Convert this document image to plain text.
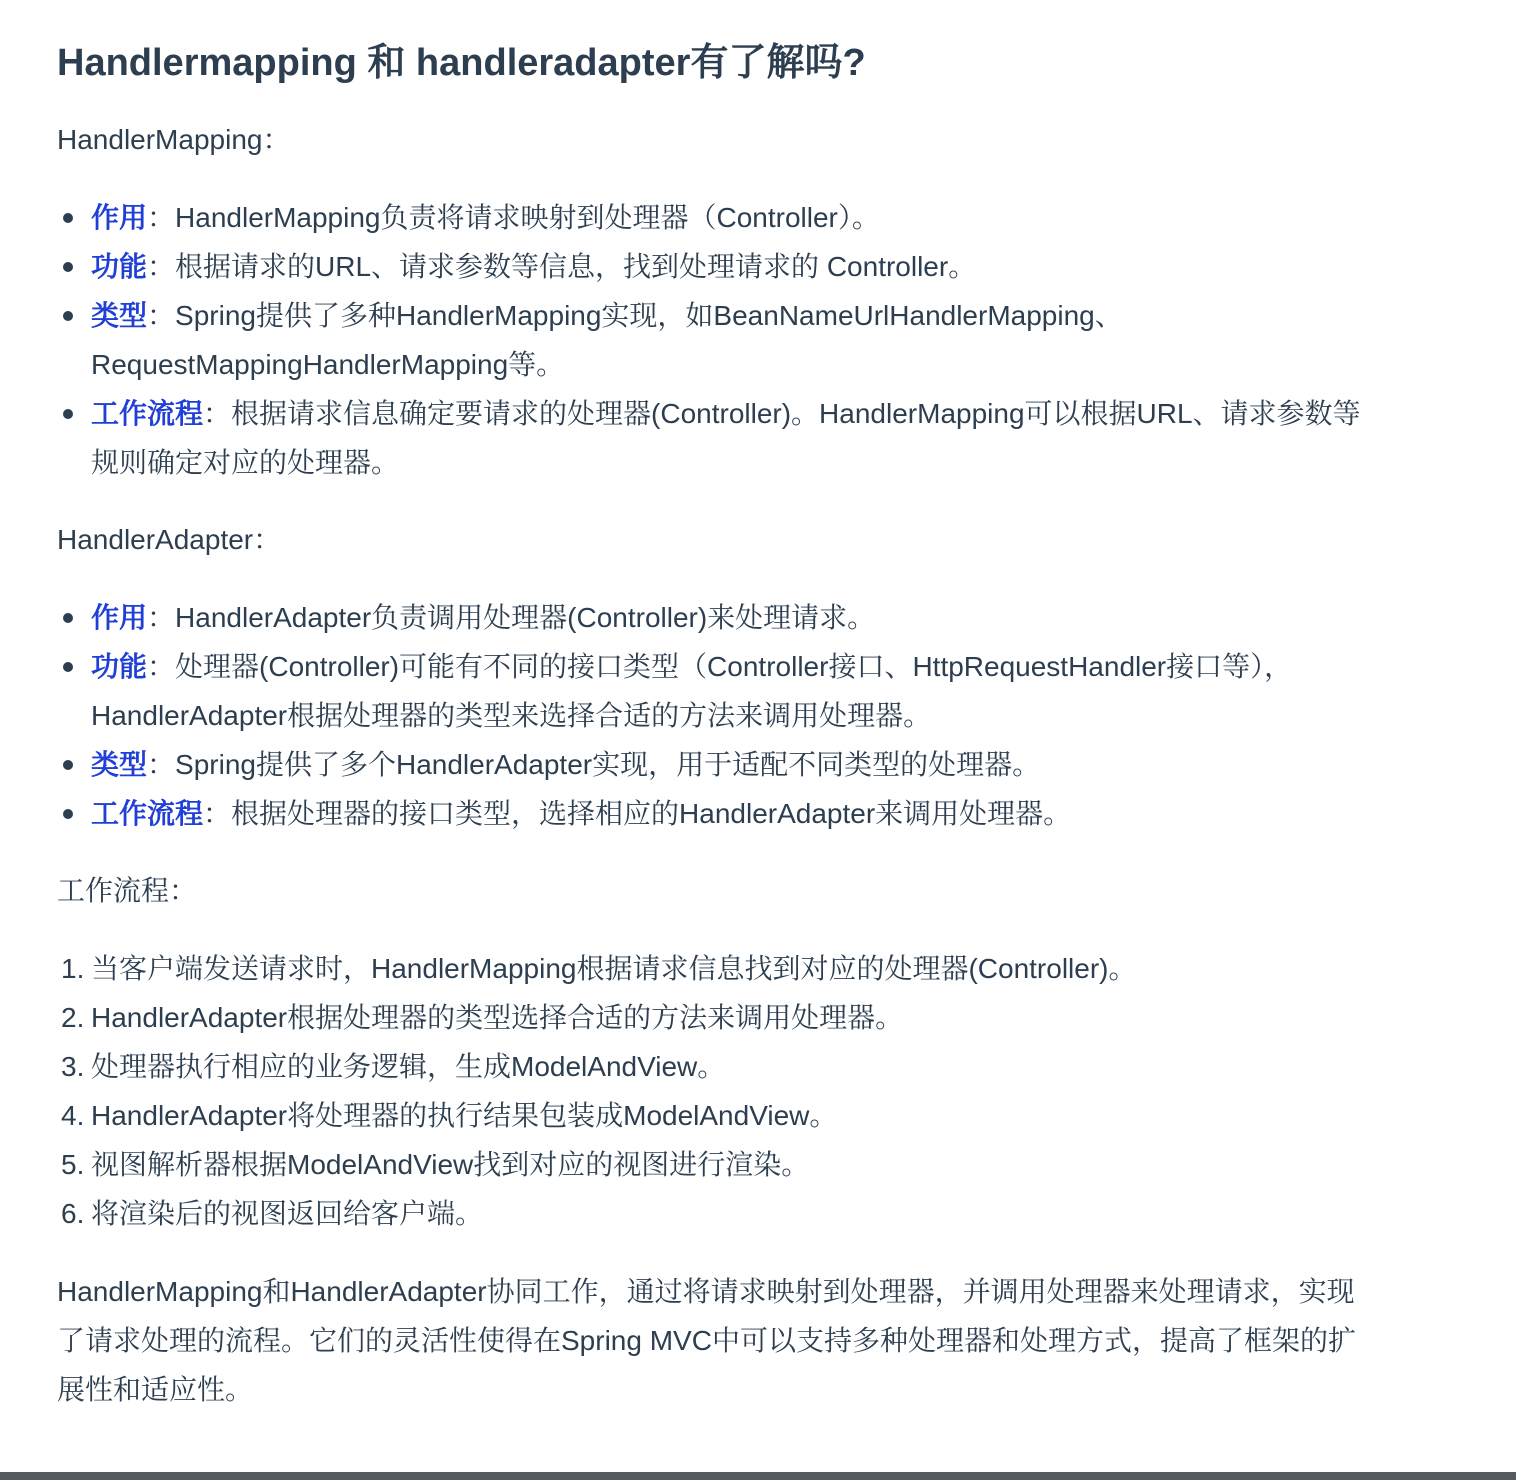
Handlermapping 和 handleradapter有了解吗?

HandlerMapping：

作用：HandlerMapping负责将请求映射到处理器（Controller）。
功能：根据请求的URL、请求参数等信息，找到处理请求的 Controller。
类型：Spring提供了多种HandlerMapping实现，如BeanNameUrlHandlerMapping、RequestMappingHandlerMapping等。
工作流程：根据请求信息确定要请求的处理器(Controller)。HandlerMapping可以根据URL、请求参数等规则确定对应的处理器。

HandlerAdapter：

作用：HandlerAdapter负责调用处理器(Controller)来处理请求。
功能：处理器(Controller)可能有不同的接口类型（Controller接口、HttpRequestHandler接口等），HandlerAdapter根据处理器的类型来选择合适的方法来调用处理器。
类型：Spring提供了多个HandlerAdapter实现，用于适配不同类型的处理器。
工作流程：根据处理器的接口类型，选择相应的HandlerAdapter来调用处理器。

工作流程：

1. 当客户端发送请求时，HandlerMapping根据请求信息找到对应的处理器(Controller)。
2. HandlerAdapter根据处理器的类型选择合适的方法来调用处理器。
3. 处理器执行相应的业务逻辑，生成ModelAndView。
4. HandlerAdapter将处理器的执行结果包装成ModelAndView。
5. 视图解析器根据ModelAndView找到对应的视图进行渲染。
6. 将渲染后的视图返回给客户端。

HandlerMapping和HandlerAdapter协同工作，通过将请求映射到处理器，并调用处理器来处理请求，实现了请求处理的流程。它们的灵活性使得在Spring MVC中可以支持多种处理器和处理方式，提高了框架的扩展性和适应性。
